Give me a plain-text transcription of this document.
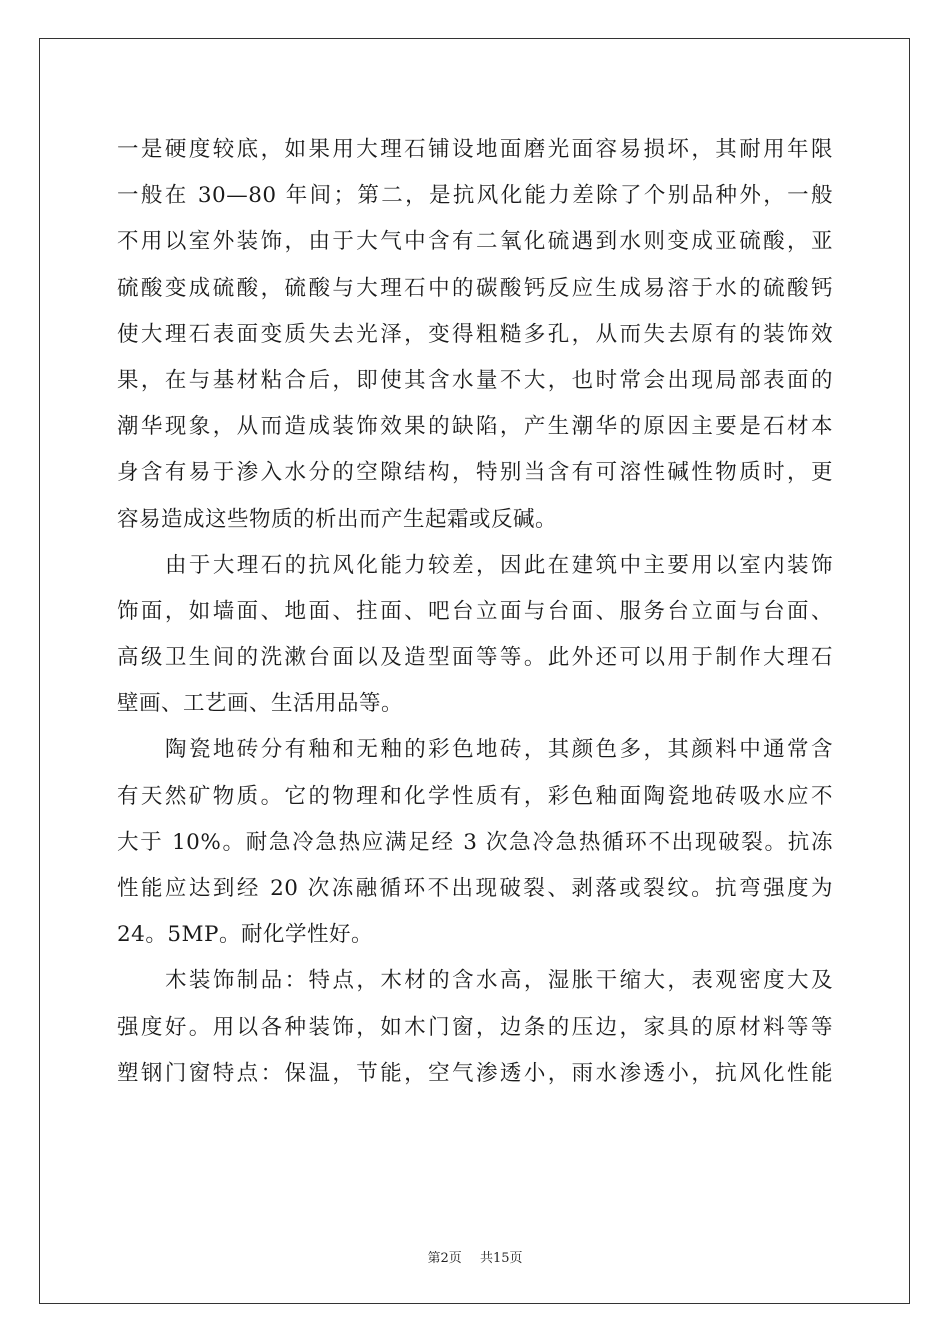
一是硬度较底，如果用大理石铺设地面磨光面容易损坏，其耐用年限
一般在 30—80 年间；第二，是抗风化能力差除了个别品种外，一般
不用以室外装饰，由于大气中含有二氧化硫遇到水则变成亚硫酸，亚
硫酸变成硫酸，硫酸与大理石中的碳酸钙反应生成易溶于水的硫酸钙
使大理石表面变质失去光泽，变得粗糙多孔，从而失去原有的装饰效
果，在与基材粘合后，即使其含水量不大，也时常会出现局部表面的
潮华现象，从而造成装饰效果的缺陷，产生潮华的原因主要是石材本
身含有易于渗入水分的空隙结构，特别当含有可溶性碱性物质时，更
容易造成这些物质的析出而产生起霜或反碱。
由于大理石的抗风化能力较差，因此在建筑中主要用以室内装饰
饰面，如墙面、地面、拄面、吧台立面与台面、服务台立面与台面、
高级卫生间的洗漱台面以及造型面等等。此外还可以用于制作大理石
壁画、工艺画、生活用品等。
陶瓷地砖分有釉和无釉的彩色地砖，其颜色多，其颜料中通常含
有天然矿物质。它的物理和化学性质有，彩色釉面陶瓷地砖吸水应不
大于 10%。耐急冷急热应满足经 3 次急冷急热循环不出现破裂。抗冻
性能应达到经 20 次冻融循环不出现破裂、剥落或裂纹。抗弯强度为
24。5MP。耐化学性好。
木装饰制品：特点，木材的含水高，湿胀干缩大，表观密度大及
强度好。用以各种装饰，如木门窗，边条的压边，家具的原材料等等
塑钢门窗特点：保温，节能，空气渗透小，雨水渗透小，抗风化性能
第2页 共15页
